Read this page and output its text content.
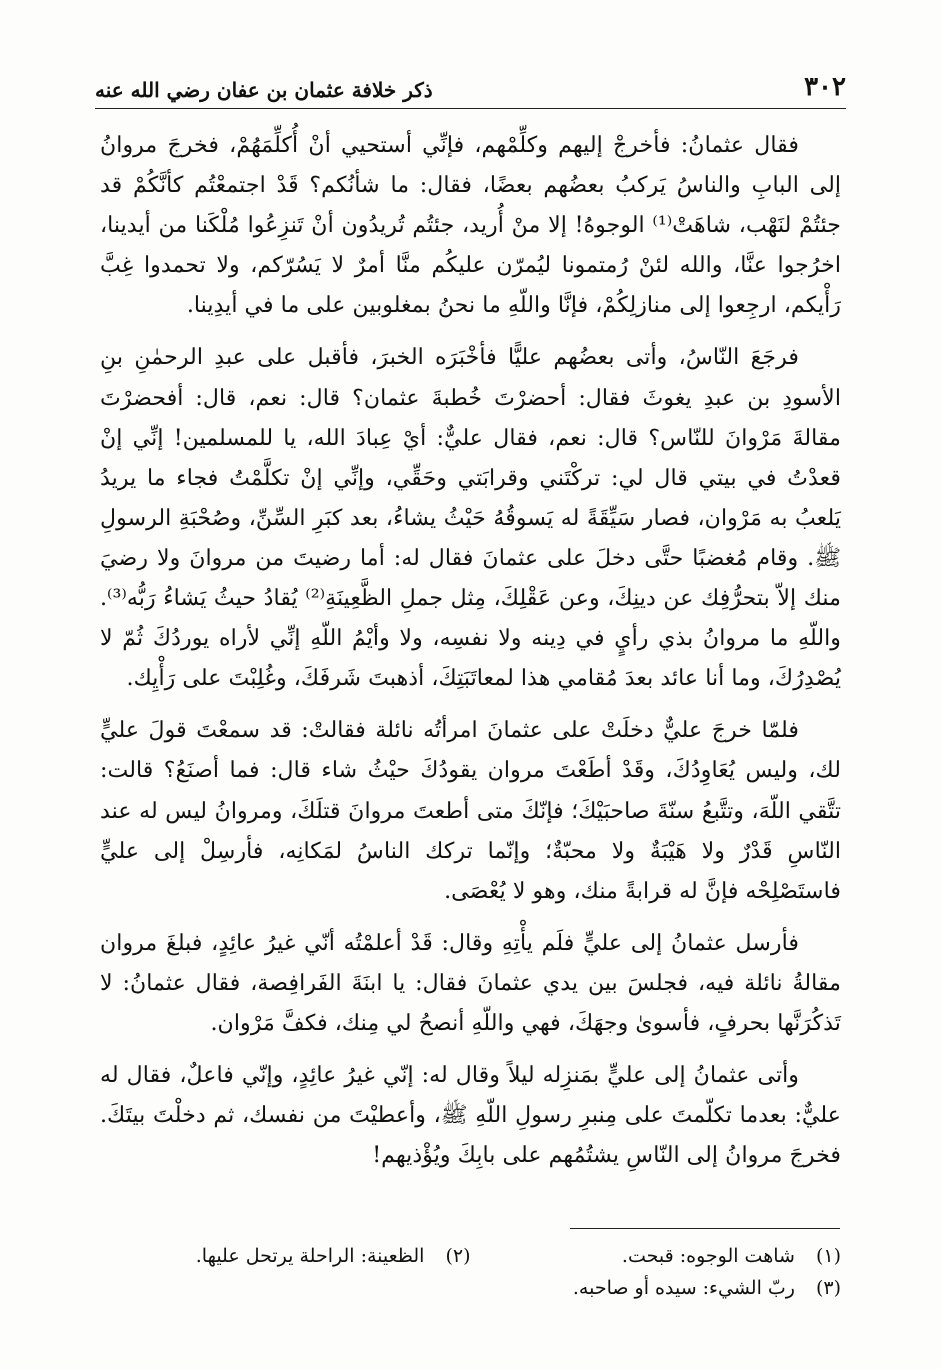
٣٠٢
ذكر خلافة عثمان بن عفان رضي الله عنه

فقال عثمانُ: فأخرجْ إليهم وكلِّمْهم، فإنِّي أستحيي أنْ أُكلِّمَهُمْ، فخرجَ مروانُ إلى البابِ والناسُ يَركبُ بعضُهم بعضًا، فقال: ما شأنُكم؟ قَدْ اجتمعْتُم كأنَّكُمْ قد جئتُمْ لنَهْب، شاهَتْ⁽¹⁾ الوجوهُ! إلا منْ أُريد، جئتُم تُريدُون أنْ تَنزِعُوا مُلْكَنا من أيدينا، اخرُجوا عنَّا، والله لئنْ رُمتمونا ليُمرّن عليكُم منَّا أمرٌ لا يَسُرّكم، ولا تحمدوا غِبَّ رَأْيكم، ارجِعوا إلى منازلِكُمْ، فإنَّا واللّهِ ما نحنُ بمغلوبين على ما في أيدِينا.

فرجَعَ النّاسُ، وأتى بعضُهم عليًّا فأخْبَرَه الخبرَ، فأقبل على عبدِ الرحمٰنِ بنِ الأسودِ بن عبدِ يغوثَ فقال: أحضرْتَ خُطبةَ عثمان؟ قال: نعم، قال: أفحضرْتَ مقالةَ مَرْوانَ للنّاس؟ قال: نعم، فقال عليٌّ: أيْ عِبادَ الله، يا للمسلمين! إنِّي إنْ قعدْتُ في بيتي قال لي: تركْتَني وقرابَتي وحَقِّي، وإنِّي إنْ تكلَّمْتُ فجاء ما يريدُ يَلعبُ به مَرْوان، فصار سَيِّقَةً له يَسوقُهُ حَيْثُ يشاءُ، بعد كبَرِ السِّنِّ، وصُحْبَةِ الرسولِ ﷺ. وقام مُغضبًا حتَّى دخلَ على عثمانَ فقال له: أما رضيتَ من مروانَ ولا رضيَ منك إلاّ بتحرُّفِك عن دينِكَ، وعن عَقْلِكَ، مِثل جملِ الظَّعِينَةِ⁽²⁾ يُقادُ حيثُ يَشاءُ رَبُّه⁽³⁾. واللّهِ ما مروانُ بذي رأيٍ في دِينه ولا نفسِه، ولا وأيْمُ اللّهِ إنِّي لأراه يوردُكَ ثُمّ لا يُصْدِرُكَ، وما أنا عائد بعدَ مُقامي هذا لمعاتَبَتِكَ، أذهبتَ شَرفَكَ، وغُلِبْتَ على رَأْيِك.

فلمّا خرجَ عليٌّ دخلَتْ على عثمانَ امرأتُه نائلة فقالتْ: قد سمعْتَ قولَ عليٍّ لك، وليس يُعَاوِدُكَ، وقَدْ أطَعْتَ مروان يقودُكَ حيْثُ شاء قال: فما أصنَعُ؟ قالت: تتَّقي اللّهَ، وتتَّبعُ سنّةَ صاحبَيْكَ؛ فإنّكَ متى أطعتَ مروانَ قتلَكَ، ومروانُ ليس له عند النّاسِ قَدْرٌ ولا هَيْبَةٌ ولا محبّةٌ؛ وإنّما تركك الناسُ لمَكانِه، فأرسِلْ إلى عليٍّ فاستَصْلِحْه فإنَّ له قرابةً منك، وهو لا يُعْصَى.

فأرسل عثمانُ إلى عليٍّ فلَم يأْتِهِ وقال: قَدْ أعلمْتُه أنّي غيرُ عائِدٍ، فبلغَ مروان مقالةُ نائلة فيه، فجلسَ بين يدي عثمانَ فقال: يا ابنَةَ الفَرافِصة، فقال عثمانُ: لا تَذكُرَنَّها بحرفٍ، فأسوىٰ وجهَكَ، فهي واللّهِ أنصحُ لي مِنك، فكفَّ مَرْوان.

وأتى عثمانُ إلى عليٍّ بمَنزِله ليلاً وقال له: إنّي غيرُ عائِدٍ، وإنّي فاعلٌ، فقال له عليٌّ: بعدما تكلّمتَ على مِنبرِ رسولِ اللّهِ ﷺ، وأعطيْتَ من نفسك، ثم دخلْتَ بيتَكَ. فخرجَ مروانُ إلى النّاسِ يشتُمُهم على بابِكَ ويُؤْذيهم!

(١) شاهت الوجوه: قبحت.
(٢) الظعينة: الراحلة يرتحل عليها.
(٣) ربّ الشيء: سيده أو صاحبه.
